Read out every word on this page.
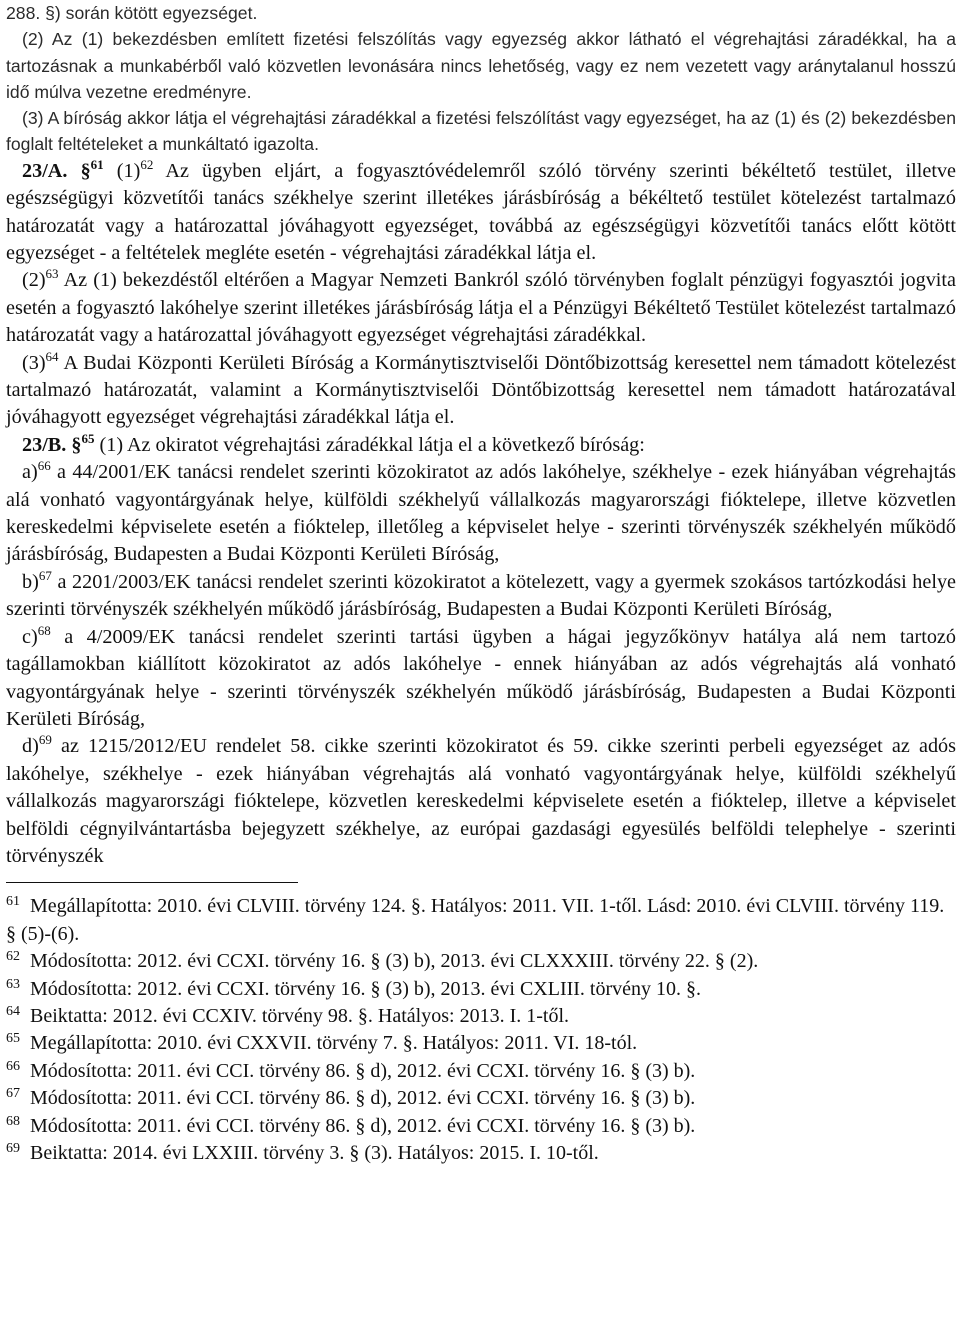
288. §) során kötött egyezséget.

(2) Az (1) bekezdésben említett fizetési felszólítás vagy egyezség akkor látható el végrehajtási záradékkal, ha a tartozásnak a munkabérből való közvetlen levonására nincs lehetőség, vagy ez nem vezetett vagy aránytalanul hosszú idő múlva vezetne eredményre.

(3) A bíróság akkor látja el végrehajtási záradékkal a fizetési felszólítást vagy egyezséget, ha az (1) és (2) bekezdésben foglalt feltételeket a munkáltató igazolta.

23/A. §$^{61}$ (1)$^{62}$ Az ügyben eljárt, a fogyasztóvédelemről szóló törvény szerinti békéltető testület, illetve egészségügyi közvetítői tanács székhelye szerint illetékes járásbíróság a békéltető testület kötelezést tartalmazó határozatát vagy a határozattal jóváhagyott egyezséget, továbbá az egészségügyi közvetítői tanács előtt kötött egyezséget - a feltételek megléte esetén - végrehajtási záradékkal látja el.

(2)$^{63}$ Az (1) bekezdéstől eltérően a Magyar Nemzeti Bankról szóló törvényben foglalt pénzügyi fogyasztói jogvita esetén a fogyasztó lakóhelye szerint illetékes járásbíróság látja el a Pénzügyi Békéltető Testület kötelezést tartalmazó határozatát vagy a határozattal jóváhagyott egyezséget végrehajtási záradékkal.

(3)$^{64}$ A Budai Központi Kerületi Bíróság a Kormánytisztviselői Döntőbizottság keresettel nem támadott kötelezést tartalmazó határozatát, valamint a Kormánytisztviselői Döntőbizottság keresettel nem támadott határozatával jóváhagyott egyezséget végrehajtási záradékkal látja el.

23/B. §$^{65}$ (1) Az okiratot végrehajtási záradékkal látja el a következő bíróság:

a)$^{66}$ a 44/2001/EK tanácsi rendelet szerinti közokiratot az adós lakóhelye, székhelye - ezek hiányában végrehajtás alá vonható vagyontárgyának helye, külföldi székhelyű vállalkozás magyarországi fióktelepe, illetve közvetlen kereskedelmi képviselete esetén a fióktelep, illetőleg a képviselet helye - szerinti törvényszék székhelyén működő járásbíróság, Budapesten a Budai Központi Kerületi Bíróság,

b)$^{67}$ a 2201/2003/EK tanácsi rendelet szerinti közokiratot a kötelezett, vagy a gyermek szokásos tartózkodási helye szerinti törvényszék székhelyén működő járásbíróság, Budapesten a Budai Központi Kerületi Bíróság,

c)$^{68}$ a 4/2009/EK tanácsi rendelet szerinti tartási ügyben a hágai jegyzőkönyv hatálya alá nem tartozó tagállamokban kiállított közokiratot az adós lakóhelye - ennek hiányában az adós végrehajtás alá vonható vagyontárgyának helye - szerinti törvényszék székhelyén működő járásbíróság, Budapesten a Budai Központi Kerületi Bíróság,

d)$^{69}$ az 1215/2012/EU rendelet 58. cikke szerinti közokiratot és 59. cikke szerinti perbeli egyezséget az adós lakóhelye, székhelye - ezek hiányában végrehajtás alá vonható vagyontárgyának helye, külföldi székhelyű vállalkozás magyarországi fióktelepe, közvetlen kereskedelmi képviselete esetén a fióktelep, illetve a képviselet belföldi cégnyilvántartásba bejegyzett székhelye, az európai gazdasági egyesülés belföldi telephelye - szerinti törvényszék

61 Megállapította: 2010. évi CLVIII. törvény 124. §. Hatályos: 2011. VII. 1-től. Lásd: 2010. évi CLVIII. törvény 119. § (5)-(6).

62 Módosította: 2012. évi CCXI. törvény 16. § (3) b), 2013. évi CLXXXIII. törvény 22. § (2).

63 Módosította: 2012. évi CCXI. törvény 16. § (3) b), 2013. évi CXLIII. törvény 10. §.

64 Beiktatta: 2012. évi CCXIV. törvény 98. §. Hatályos: 2013. I. 1-től.

65 Megállapította: 2010. évi CXXVII. törvény 7. §. Hatályos: 2011. VI. 18-tól.

66 Módosította: 2011. évi CCI. törvény 86. § d), 2012. évi CCXI. törvény 16. § (3) b).

67 Módosította: 2011. évi CCI. törvény 86. § d), 2012. évi CCXI. törvény 16. § (3) b).

68 Módosította: 2011. évi CCI. törvény 86. § d), 2012. évi CCXI. törvény 16. § (3) b).

69 Beiktatta: 2014. évi LXXIII. törvény 3. § (3). Hatályos: 2015. I. 10-től.
